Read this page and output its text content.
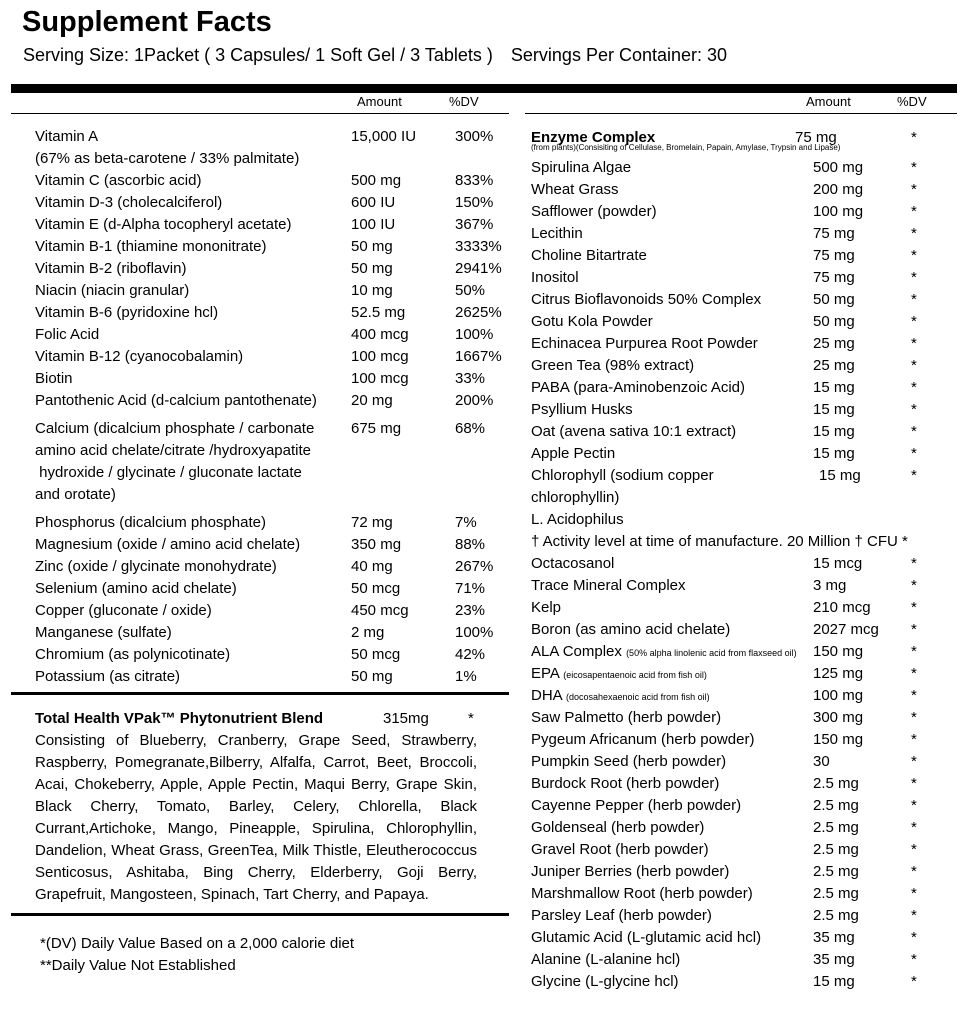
Supplement Facts
Serving Size: 1Packet ( 3 Capsules/ 1 Soft Gel / 3 Tablets ) Servings Per Container: 30
Amount	%DV	Amount	%DV
Vitamin A	15,000 IU	300%
(67% as beta-carotene / 33% palmitate)
Vitamin C (ascorbic acid)	500 mg	833%
Vitamin D-3 (cholecalciferol)	600 IU	150%
Vitamin E (d-Alpha tocopheryl acetate)	100 IU	367%
Vitamin B-1 (thiamine mononitrate)	50 mg	3333%
Vitamin B-2 (riboflavin)	50 mg	2941%
Niacin (niacin granular)	10 mg	50%
Vitamin B-6 (pyridoxine hcl)	52.5 mg	2625%
Folic Acid	400 mcg	100%
Vitamin B-12 (cyanocobalamin)	100 mcg	1667%
Biotin	100 mcg	33%
Pantothenic Acid (d-calcium pantothenate) 20 mg	200%
Calcium (dicalcium phosphate / carbonate
amino acid chelate/citrate /hydroxyapatite
hydroxide / glycinate / gluconate lactate
and orotate)
675 mg	68%
Phosphorus (dicalcium phosphate)	72 mg	7%
Magnesium (oxide / amino acid chelate)	350 mg	88%
Zinc (oxide / glycinate monohydrate)	40 mg	267%
Selenium (amino acid chelate)	50 mcg	71%
Copper (gluconate / oxide)	450 mcg	23%
Manganese (sulfate)	2 mg	100%
Chromium (as polynicotinate)	50 mcg	42%
Potassium (as citrate)	50 mg	1%
Total Health VPak™ Phytonutrient Blend	315mg	*
Consisting of Blueberry, Cranberry, Grape Seed, Strawberry, Raspberry, Pomegranate,Bilberry, Alfalfa, Carrot, Beet, Broccoli, Acai, Chokeberry, Apple, Apple Pectin, Maqui Berry, Grape Skin, Black Cherry, Tomato, Barley, Celery, Chlorella, Black Currant,Artichoke, Mango, Pineapple, Spirulina, Chlorophyllin, Dandelion, Wheat Grass, GreenTea, Milk Thistle, Eleutherococcus Senticosus, Ashitaba, Bing Cherry, Elderberry, Goji Berry, Grapefruit, Mangosteen, Spinach, Tart Cherry, and Papaya.
*(DV) Daily Value Based on a 2,000 calorie diet
**Daily Value Not Established
Enzyme Complex	75 mg	*
(from plants)(Consisiting of Cellulase, Bromelain, Papain, Amylase, Trypsin and Lipase)
Spirulina Algae	500 mg	*
Wheat Grass	200 mg	*
Safflower (powder)	100 mg	*
Lecithin	75 mg	*
Choline Bitartrate	75 mg	*
Inositol	75 mg	*
Citrus Bioflavonoids 50% Complex	50 mg	*
Gotu Kola Powder	50 mg	*
Echinacea Purpurea Root Powder	25 mg	*
Green Tea (98% extract)	25 mg	*
PABA (para-Aminobenzoic Acid)	15 mg	*
Psyllium Husks	15 mg	*
Oat (avena sativa 10:1 extract)	15 mg	*
Apple Pectin	15 mg	*
Chlorophyll (sodium copper
chlorophyllin)
15 mg	*
L. Acidophilus
† Activity level at time of manufacture. 20 Million † CFU *
Octacosanol	15 mcg	*
Trace Mineral Complex	3 mg	*
Kelp	210 mcg	*
Boron (as amino acid chelate)	2027 mcg *
ALA Complex (50% alpha linolenic acid from flaxseed oil) 150 mg	*
EPA (eicosapentaenoic acid from fish oil)	125 mg	*
DHA (docosahexaenoic acid from fish oil)	100 mg	*
Saw Palmetto (herb powder)	300 mg	*
Pygeum Africanum (herb powder)	150 mg	*
Pumpkin Seed (herb powder)	30	*
Burdock Root (herb powder)	2.5 mg	*
Cayenne Pepper (herb powder)	2.5 mg	*
Goldenseal (herb powder)	2.5 mg	*
Gravel Root (herb powder)	2.5 mg	*
Juniper Berries (herb powder)	2.5 mg	*
Marshmallow Root (herb powder)	2.5 mg	*
Parsley Leaf (herb powder)	2.5 mg	*
Glutamic Acid (L-glutamic acid hcl)	35 mg	*
Alanine (L-alanine hcl)	35 mg	*
Glycine (L-glycine hcl)	15 mg	*
